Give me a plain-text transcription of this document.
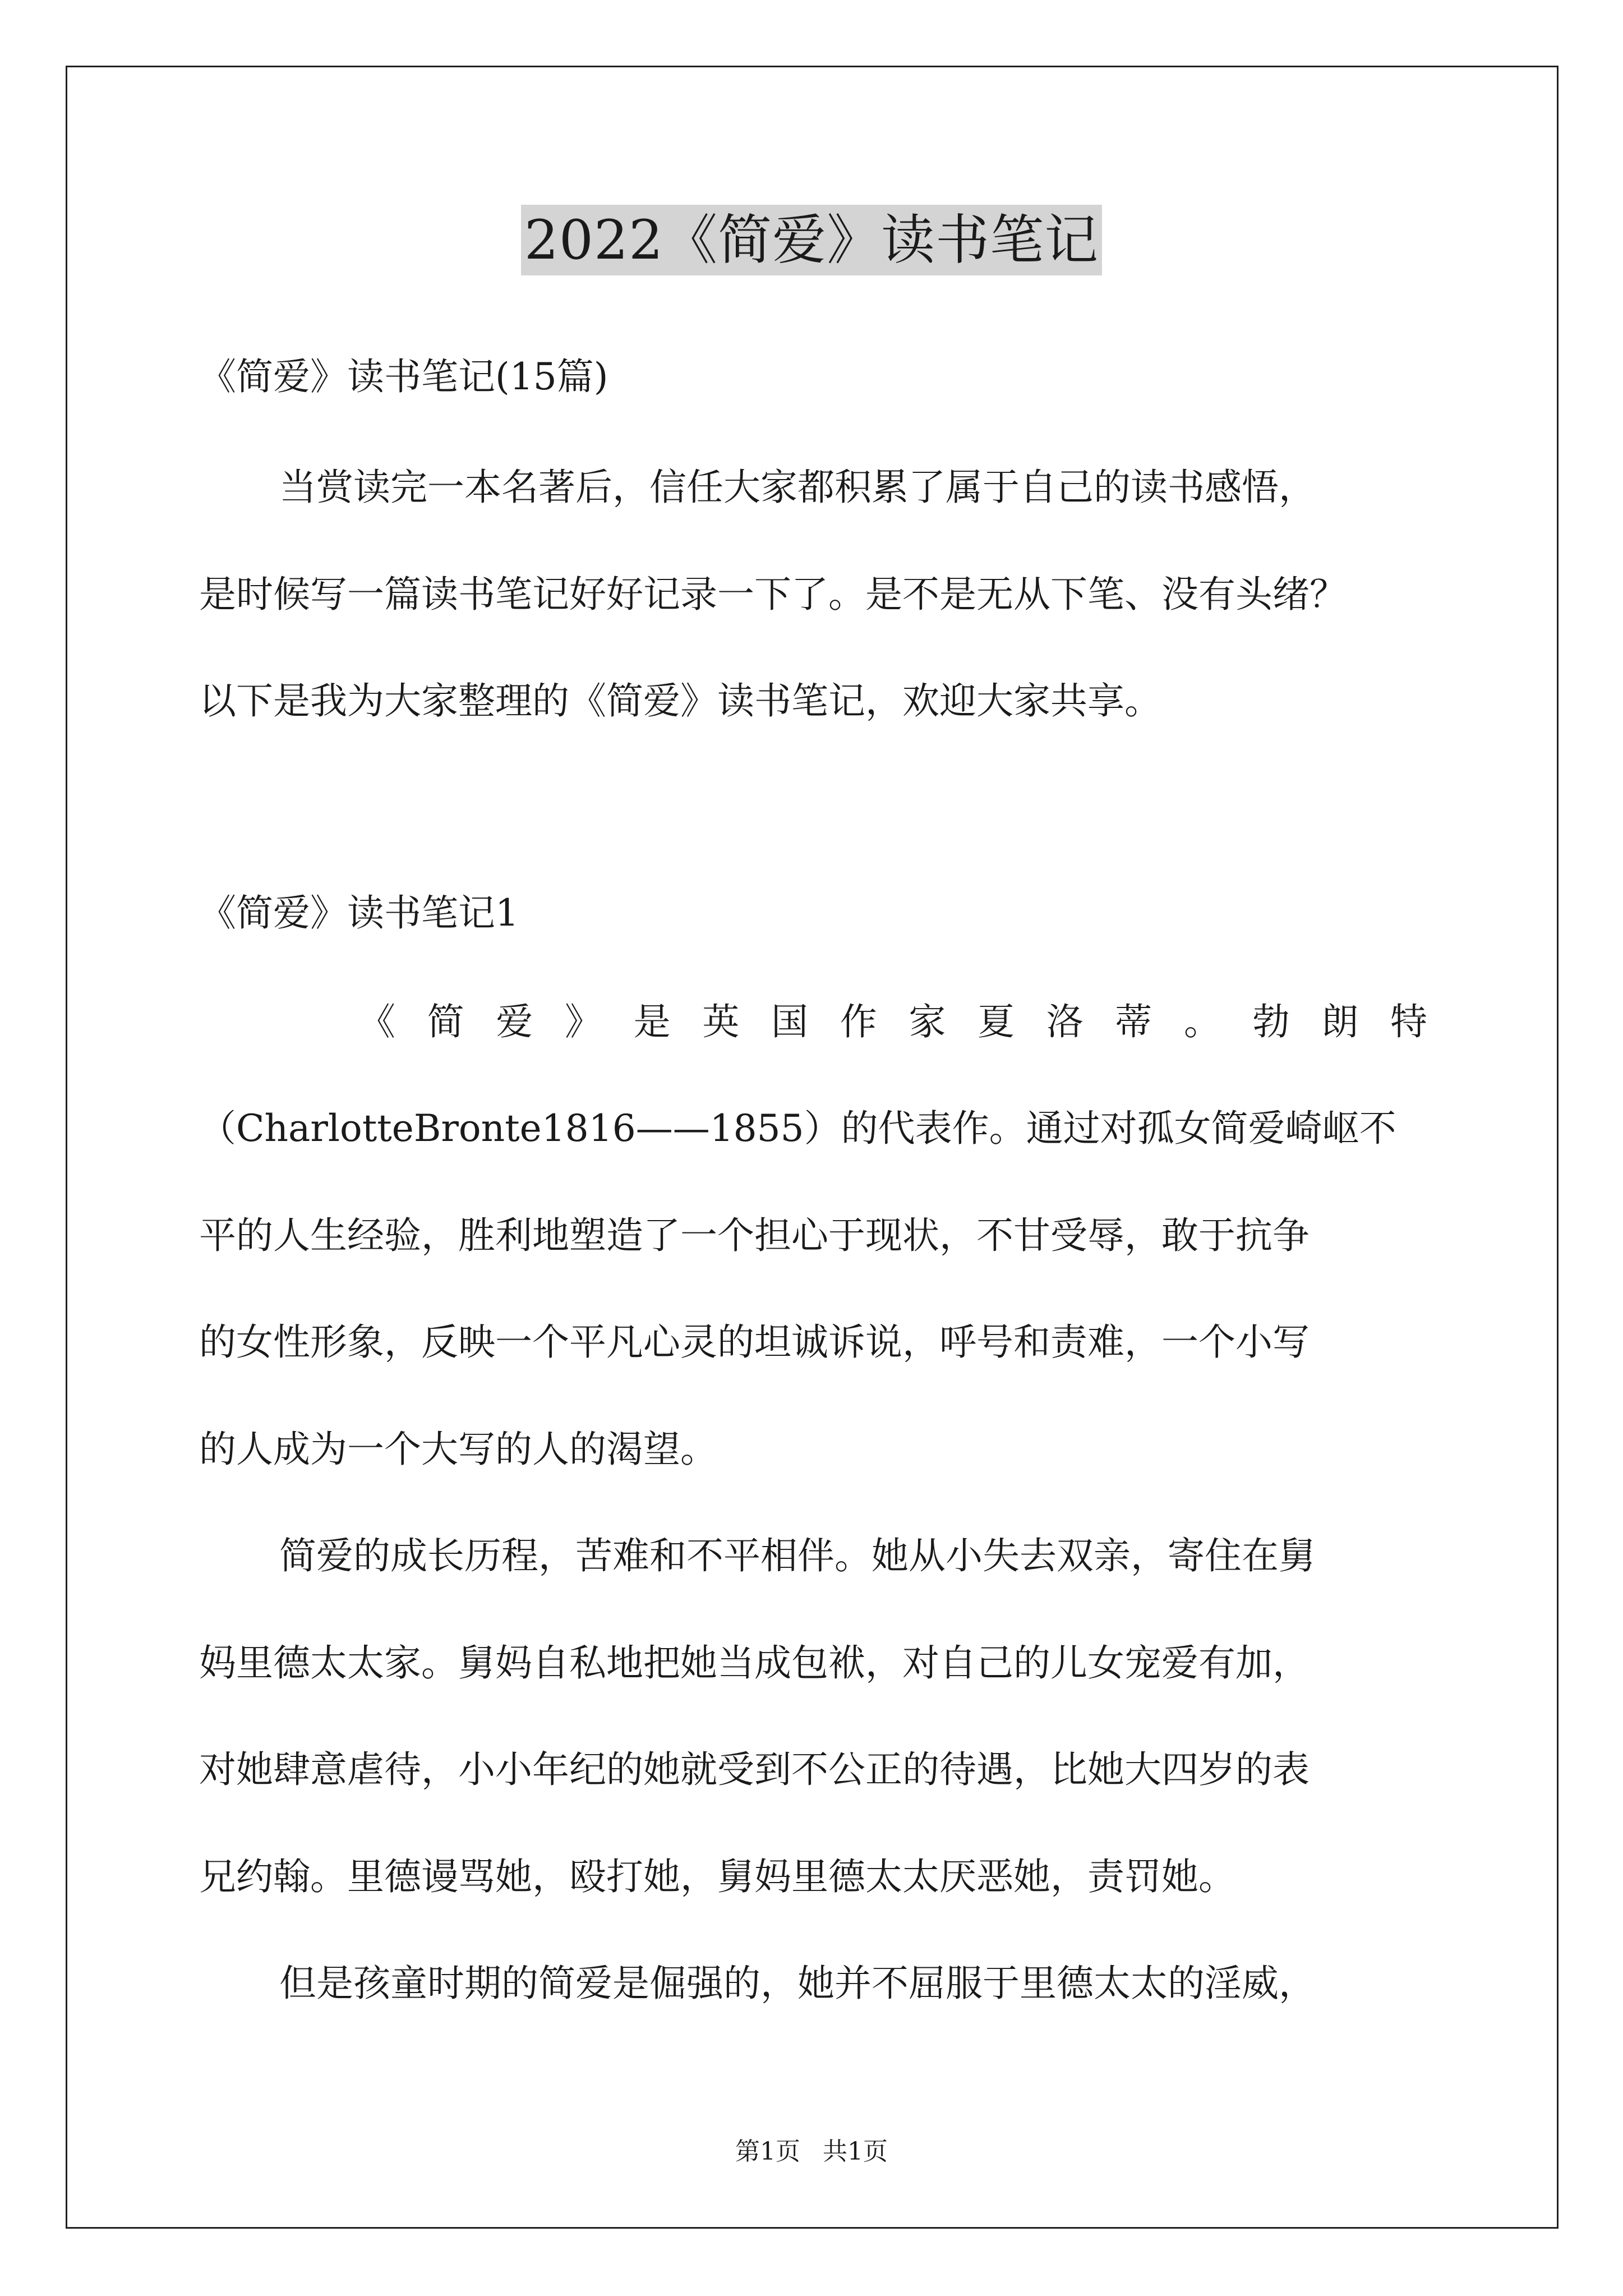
2022《简爱》读书笔记
《简爱》读书笔记(15篇)
当赏读完一本名著后，信任大家都积累了属于自己的读书感悟，
是时候写一篇读书笔记好好记录一下了。是不是无从下笔、没有头绪？
以下是我为大家整理的《简爱》读书笔记，欢迎大家共享。
《简爱》读书笔记1
《简爱》是英国作家夏洛蒂。勃朗特
（CharlotteBronte1816——1855）的代表作。通过对孤女简爱崎岖不
平的人生经验，胜利地塑造了一个担心于现状，不甘受辱，敢于抗争
的女性形象，反映一个平凡心灵的坦诚诉说，呼号和责难，一个小写
的人成为一个大写的人的渴望。
简爱的成长历程，苦难和不平相伴。她从小失去双亲，寄住在舅
妈里德太太家。舅妈自私地把她当成包袱，对自己的儿女宠爱有加，
对她肆意虐待，小小年纪的她就受到不公正的待遇，比她大四岁的表
兄约翰。里德谩骂她，殴打她，舅妈里德太太厌恶她，责罚她。
但是孩童时期的简爱是倔强的，她并不屈服于里德太太的淫威，
第1页 共1页
